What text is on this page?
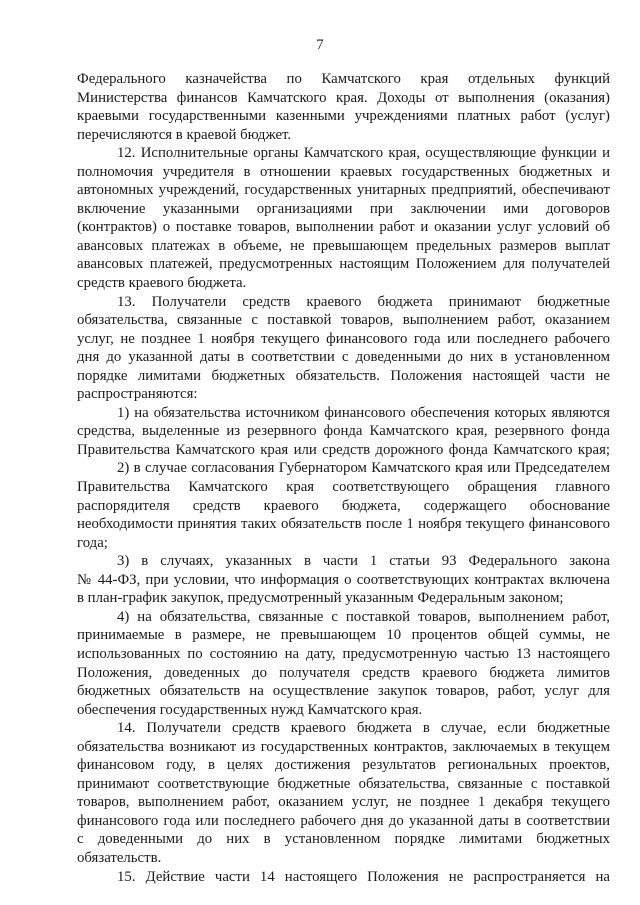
7
Федерального казначейства по Камчатского края отдельных функций
Министерства финансов Камчатского края. Доходы от выполнения (оказания)
краевыми государственными казенными учреждениями платных работ (услуг)
перечисляются в краевой бюджет.
12. Исполнительные органы Камчатского края, осуществляющие функции и
полномочия учредителя в отношении краевых государственных бюджетных и
автономных учреждений, государственных унитарных предприятий, обеспечивают
включение указанными организациями при заключении ими договоров
(контрактов) о поставке товаров, выполнении работ и оказании услуг условий об
авансовых платежах в объеме, не превышающем предельных размеров выплат
авансовых платежей, предусмотренных настоящим Положением для получателей
средств краевого бюджета.
13. Получатели средств краевого бюджета принимают бюджетные
обязательства, связанные с поставкой товаров, выполнением работ, оказанием
услуг, не позднее 1 ноября текущего финансового года или последнего рабочего
дня до указанной даты в соответствии с доведенными до них в установленном
порядке лимитами бюджетных обязательств. Положения настоящей части не
распространяются:
1) на обязательства источником финансового обеспечения которых являются
средства, выделенные из резервного фонда Камчатского края, резервного фонда
Правительства Камчатского края или средств дорожного фонда Камчатского края;
2) в случае согласования Губернатором Камчатского края или Председателем
Правительства Камчатского края соответствующего обращения главного
распорядителя средств краевого бюджета, содержащего обоснование
необходимости принятия таких обязательств после 1 ноября текущего финансового
года;
3) в случаях, указанных в части 1 статьи 93 Федерального закона
№ 44-ФЗ, при условии, что информация о соответствующих контрактах включена
в план-график закупок, предусмотренный указанным Федеральным законом;
4) на обязательства, связанные с поставкой товаров, выполнением работ,
принимаемые в размере, не превышающем 10 процентов общей суммы, не
использованных по состоянию на дату, предусмотренную частью 13 настоящего
Положения, доведенных до получателя средств краевого бюджета лимитов
бюджетных обязательств на осуществление закупок товаров, работ, услуг для
обеспечения государственных нужд Камчатского края.
14. Получатели средств краевого бюджета в случае, если бюджетные
обязательства возникают из государственных контрактов, заключаемых в текущем
финансовом году, в целях достижения результатов региональных проектов,
принимают соответствующие бюджетные обязательства, связанные с поставкой
товаров, выполнением работ, оказанием услуг, не позднее 1 декабря текущего
финансового года или последнего рабочего дня до указанной даты в соответствии
с доведенными до них в установленном порядке лимитами бюджетных
обязательств.
15. Действие части 14 настоящего Положения не распространяется на
